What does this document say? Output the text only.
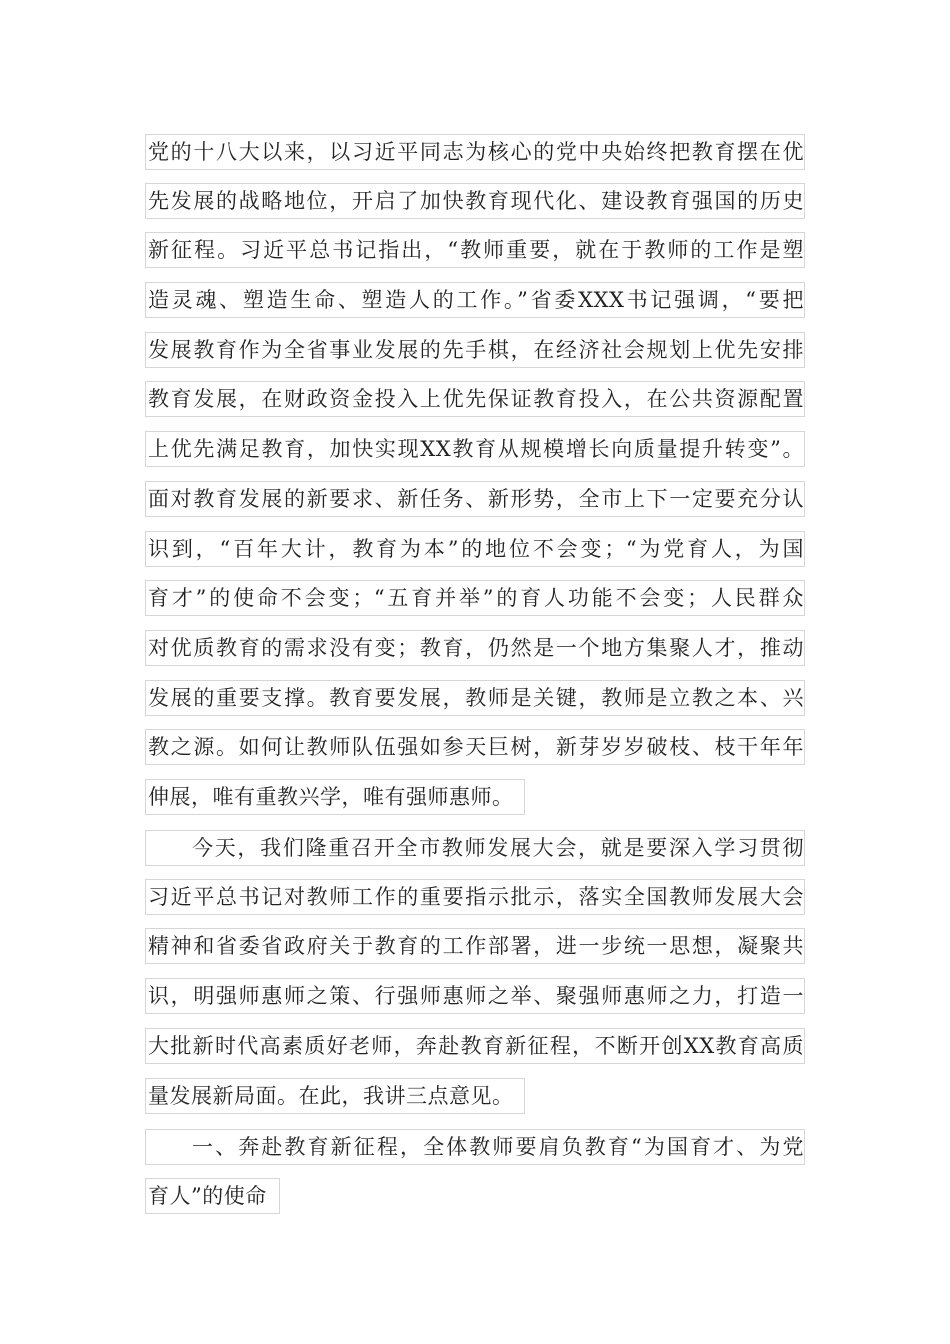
党的十八大以来，以习近平同志为核心的党中央始终把教育摆在优
先发展的战略地位，开启了加快教育现代化、建设教育强国的历史
新征程。习近平总书记指出，“教师重要，就在于教师的工作是塑
造灵魂、塑造生命、塑造人的工作。”省委XXX书记强调，“要把
发展教育作为全省事业发展的先手棋，在经济社会规划上优先安排
教育发展，在财政资金投入上优先保证教育投入，在公共资源配置
上优先满足教育，加快实现XX教育从规模增长向质量提升转变”。
面对教育发展的新要求、新任务、新形势，全市上下一定要充分认
识到，“百年大计，教育为本”的地位不会变；“为党育人，为国
育才”的使命不会变；“五育并举”的育人功能不会变；人民群众
对优质教育的需求没有变；教育，仍然是一个地方集聚人才，推动
发展的重要支撑。教育要发展，教师是关键，教师是立教之本、兴
教之源。如何让教师队伍强如参天巨树，新芽岁岁破枝、枝干年年
伸展，唯有重教兴学，唯有强师惠师。
今天，我们隆重召开全市教师发展大会，就是要深入学习贯彻
习近平总书记对教师工作的重要指示批示，落实全国教师发展大会
精神和省委省政府关于教育的工作部署，进一步统一思想，凝聚共
识，明强师惠师之策、行强师惠师之举、聚强师惠师之力，打造一
大批新时代高素质好老师，奔赴教育新征程，不断开创XX教育高质
量发展新局面。在此，我讲三点意见。
一、奔赴教育新征程，全体教师要肩负教育“为国育才、为党
育人”的使命
